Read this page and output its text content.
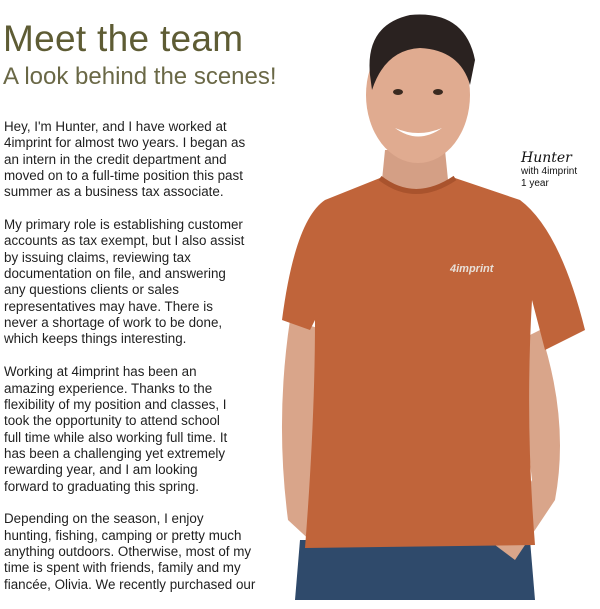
Meet the team
A look behind the scenes!

Hey, I'm Hunter, and I have worked at
4imprint for almost two years. I began as
an intern in the credit department and
moved on to a full-time position this past
summer as a business tax associate.

My primary role is establishing customer
accounts as tax exempt, but I also assist
by issuing claims, reviewing tax
documentation on file, and answering
any questions clients or sales
representatives may have. There is
never a shortage of work to be done,
which keeps things interesting.

Working at 4imprint has been an
amazing experience. Thanks to the
flexibility of my position and classes, I
took the opportunity to attend school
full time while also working full time. It
has been a challenging yet extremely
rewarding year, and I am looking
forward to graduating this spring.

Depending on the season, I enjoy
hunting, fishing, camping or pretty much
anything outdoors. Otherwise, most of my
time is spent with friends, family and my
fiancée, Olivia. We recently purchased our

4imprint
Hunter
with 4imprint
1 year
